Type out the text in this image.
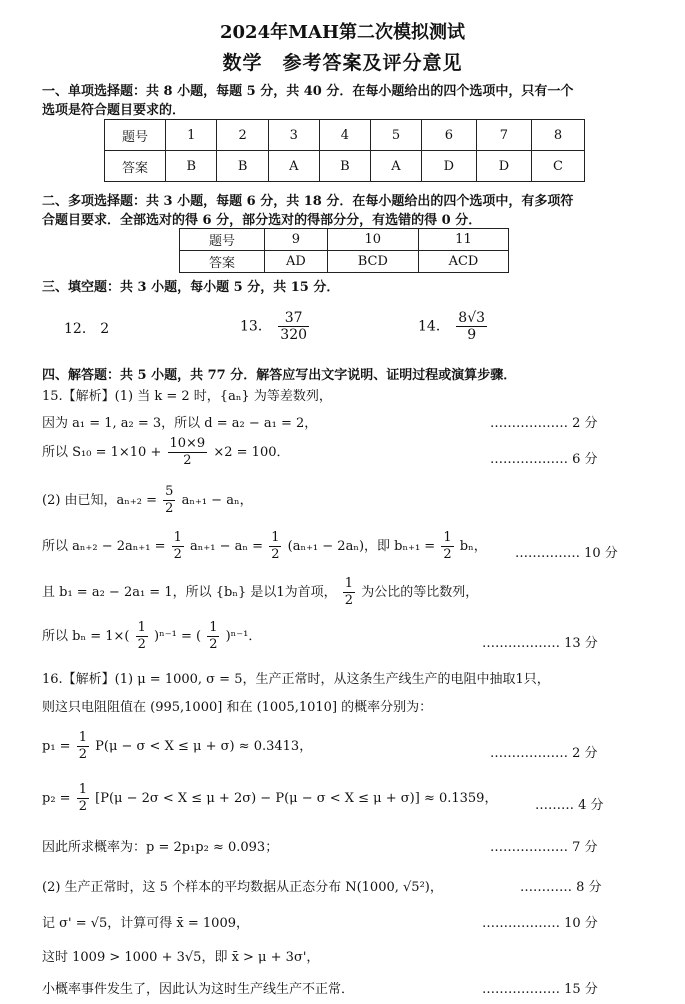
2024年MAH第二次模拟测试
数学　参考答案及评分意见
一、单项选择题：共 8 小题，每题 5 分，共 40 分．在每小题给出的四个选项中，只有一个
选项是符合题目要求的．
题号	1	2	3	4	5	6	7	8
答案	B	B	A	B	A	D	D	C
二、多项选择题：共 3 小题，每题 6 分，共 18 分．在每小题给出的四个选项中，有多项符
合题目要求．全部选对的得 6 分，部分选对的得部分分，有选错的得 0 分．
题号	9	10	11
答案	AD	BCD	ACD
三、填空题：共 3 小题，每小题 5 分，共 15 分．
12． 2	13． $\frac{37}{320}$	14． $\frac{8√3}{9}$
四、解答题：共 5 小题，共 77 分．解答应写出文字说明、证明过程或演算步骤．
15.【解析】(1) 当 k = 2 时，{aₙ} 为等差数列，
因为 a₁ = 1, a₂ = 3，所以 d = a₂ − a₁ = 2，	……………… 2 分
所以 $S_{10} = 1\times 10 + \frac{10\times 9}{2} \times 2 = 100$．	……………… 6 分
(2) 由已知，$a_{n+2} = \frac{5}{2} a_{n+1} - a_n$，
所以 $a_{n+2} - 2a_{n+1} = \frac{1}{2} a_{n+1} - a_n = \frac{1}{2} (a_{n+1} - 2a_n)$，即 $b_{n+1} = \frac{1}{2}$ bₙ， …………… 10 分
且 b₁ = a₂ − 2a₁ = 1，所以 {bₙ} 是以1为首项， $\frac{1}{2}$ 为公比的等比数列，
所以 $b_n = 1\times( \frac{1}{2} )^{n-1}$ = ( $\frac{1}{2} )^{n-1}$．	……………… 13 分
16.【解析】(1) μ = 1000, σ = 5，生产正常时，从这条生产线生产的电阻中抽取1只，
则这只电阻阻值在 (995,1000] 和在 (1005,1010] 的概率分别为：
$p_1 = \frac{1}{2} P(\mu - \sigma < X \le \mu + \sigma) \approx 0.3413$，	……………… 2 分
$p_2 = \frac{1}{2} [P(\mu - 2\sigma < X \le \mu + 2\sigma) - P(\mu - \sigma < X \le \mu + \sigma)] \approx 0.1359$，	……… 4 分
因此所求概率为：p = 2p₁p₂ ≈ 0.093；	……………… 7 分
(2) 生产正常时，这 5 个样本的平均数据从正态分布 N(1000, √5²)，	………… 8 分
记 σ' = √5，计算可得 x̄ = 1009，	……………… 10 分
这时 1009 > 1000 + 3√5，即 x̄ > μ + 3σ'，
小概率事件发生了，因此认为这时生产线生产不正常．	……………… 15 分
